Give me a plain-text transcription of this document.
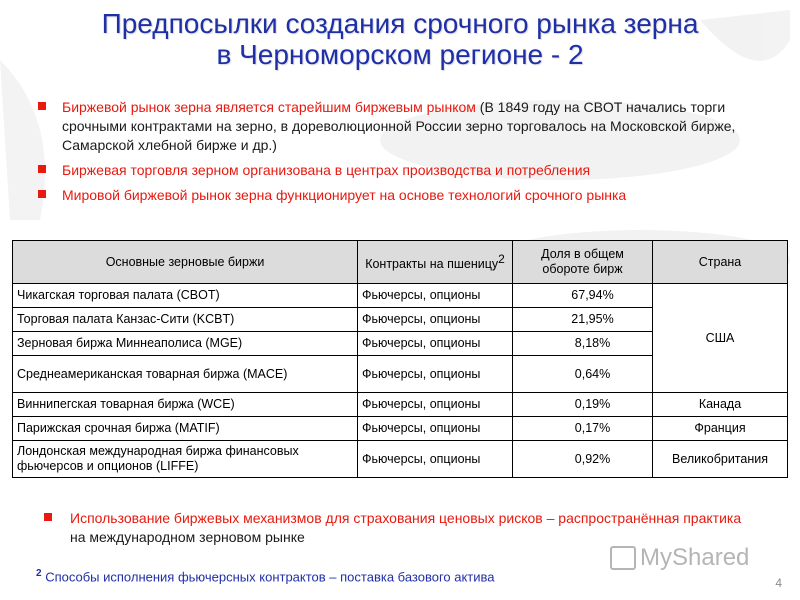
Предпосылки создания срочного рынка зерна
в Черноморском регионе - 2
Биржевой рынок зерна является старейшим биржевым рынком (В 1849 году на CBOT начались торги срочными контрактами на зерно, в дореволюционной России зерно торговалось на Московской бирже, Самарской хлебной бирже и др.)
Биржевая торговля зерном организована в центрах производства и потребления
Мировой биржевой рынок зерна функционирует на основе технологий срочного рынка
Основные зерновые биржи	Контракты на пшеницу$^2$	Доля в общем обороте бирж	Страна
Чикагская торговая палата (CBOT)	Фьючерсы, опционы	67,94%	США
Торговая палата Канзас-Сити (KCBT)	Фьючерсы, опционы	21,95%	
Зерновая биржа Миннеаполиса (MGE)	Фьючерсы, опционы	8,18%	
Среднеамериканская товарная биржа (MACE)	Фьючерсы, опционы	0,64%	
Виннипегская товарная биржа (WCE)	Фьючерсы, опционы	0,19%	Канада
Парижская срочная биржа (MATIF)	Фьючерсы, опционы	0,17%	Франция
Лондонская международная биржа финансовых фьючерсов и опционов (LIFFE)	Фьючерсы, опционы	0,92%	Великобритания
Использование биржевых механизмов для страхования ценовых рисков – распространённая практика на международном зерновом рынке
MyShared
$^2$ Способы исполнения фьючерсных контрактов – поставка базового актива	4
